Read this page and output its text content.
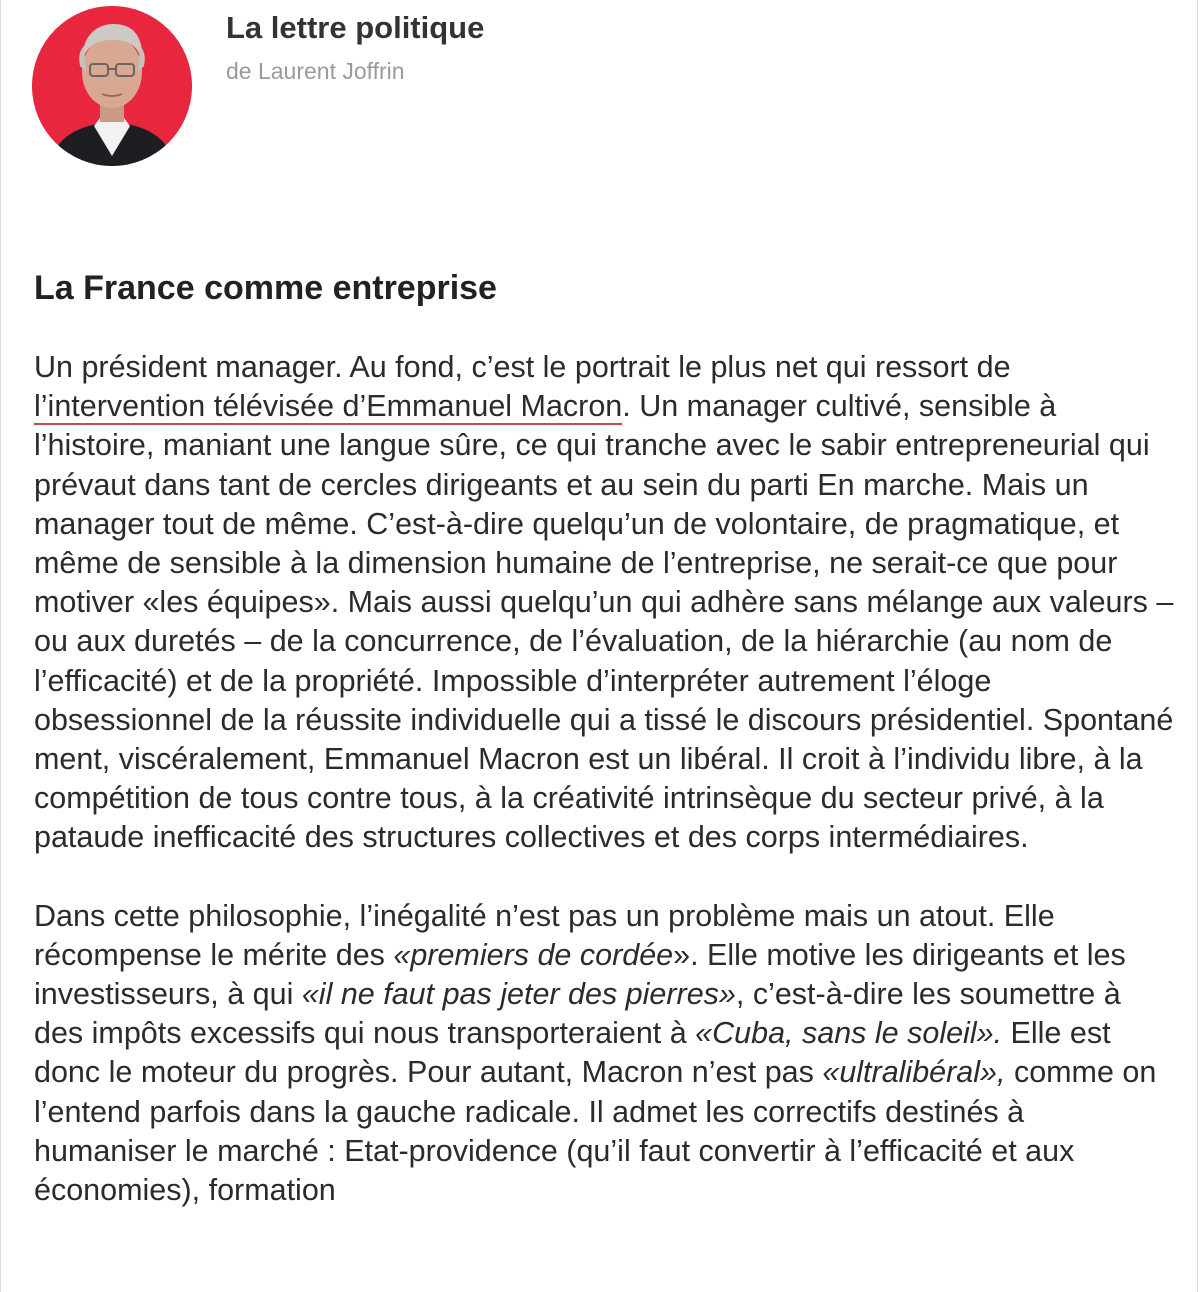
La lettre politique
de Laurent Joffrin
La France comme entreprise

Un président manager. Au fond, c’est le portrait le plus net qui ressort de l’intervention télévisée d’Emmanuel Macron. Un manager cultivé, sensible à l’histoire, maniant une langue sûre, ce qui tranche avec le sabir entrepreneurial qui prévaut dans tant de cercles dirigeants et au sein du parti En marche. Mais un manager tout de même. C’est-à-dire quelqu’un de volontaire, de pragmatique, et même de sensible à la dimension humaine de l’entreprise, ne serait-ce que pour motiver «les équipes». Mais aussi quelqu’un qui adhère sans mélange aux valeurs – ou aux duretés – de la concurrence, de l’évaluation, de la hiérarchie (au nom de l’efficacité) et de la propriété. Impossible d’interpréter autrement l’éloge obsessionnel de la réussite individuelle qui a tissé le discours présidentiel. Spontané ment, viscéralement, Emmanuel Macron est un libéral. Il croit à l’individu libre, à la compétition de tous contre tous, à la créativité intrinsèque du secteur privé, à la pataude inefficacité des structures collectives et des corps intermédiaires.

Dans cette philosophie, l’inégalité n’est pas un problème mais un atout. Elle récompense le mérite des «premiers de cordée». Elle motive les dirigeants et les investisseurs, à qui «il ne faut pas jeter des pierres», c’est-à-dire les soumettre à des impôts excessifs qui nous transporteraient à «Cuba, sans le soleil». Elle est donc le moteur du progrès. Pour autant, Macron n’est pas «ultralibéral», comme on l’entend parfois dans la gauche radicale. Il admet les correctifs destinés à humaniser le marché : Etat-providence (qu’il faut convertir à l’efficacité et aux économies), formation
